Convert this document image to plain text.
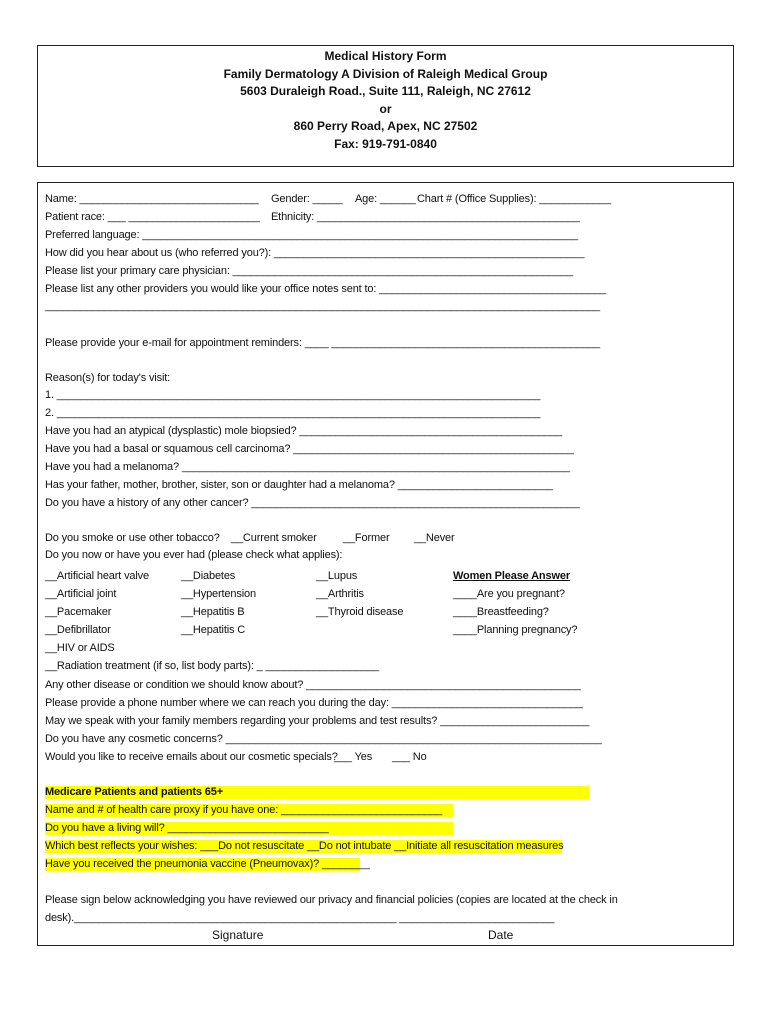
Medical History Form
Family Dermatology A Division of Raleigh Medical Group
5603 Duraleigh Road., Suite 111, Raleigh, NC 27612
or
860 Perry Road, Apex, NC 27502
Fax: 919-791-0840
Name: ______________________________ Gender: _____ Age: ______ Chart # (Office Supplies): ____________
Patient race: ___ ______________________ Ethnicity: ____________________________________________
Preferred language: _________________________________________________________________________
How did you hear about us (who referred you?): ____________________________________________________
Please list your primary care physician: _________________________________________________________
Please list any other providers you would like your office notes sent to: ______________________________________
_____________________________________________________________________________________________
Please provide your e-mail for appointment reminders: ____ _____________________________________________
Reason(s) for today's visit:
1. _________________________________________________________________________________
2. _________________________________________________________________________________
Have you had an atypical (dysplastic) mole biopsied? ____________________________________________
Have you had a basal or squamous cell carcinoma? _______________________________________________
Have you had a melanoma? _________________________________________________________________
Has your father, mother, brother, sister, son or daughter had a melanoma? __________________________
Do you have a history of any other cancer? _______________________________________________________
Do you smoke or use other tobacco? __Current smoker __Former __Never
Do you now or have you ever had (please check what applies):
__Artificial heart valve
__Artificial joint
__Pacemaker
__Defibrillator
__HIV or AIDS
__Diabetes
__Hypertension
__Hepatitis B
__Hepatitis C
__Lupus
__Arthritis
__Thyroid disease
Women Please Answer
____Are you pregnant?
____Breastfeeding?
____Planning pregnancy?
__Radiation treatment (if so, list body parts): _ ___________________
Any other disease or condition we should know about? ______________________________________________
Please provide a phone number where we can reach you during the day: ________________________________
May we speak with your family members regarding your problems and test results? _________________________
Do you have any cosmetic concerns? _______________________________________________________________
Would you like to receive emails about our cosmetic specials?
___ Yes ___ No
Medicare Patients and patients 65+
Name and # of health care proxy if you have one: ___________________________
Do you have a living will? ___________________________
Which best reflects your wishes: ___Do not resuscitate __Do not intubate __Initiate all resuscitation measures
Have you received the pneumonia vaccine (Pneumovax)? ________
Please sign below acknowledging you have reviewed our privacy and financial policies (copies are located at the check in
desk).______________________________________________________ __________________________
Signature	Date
